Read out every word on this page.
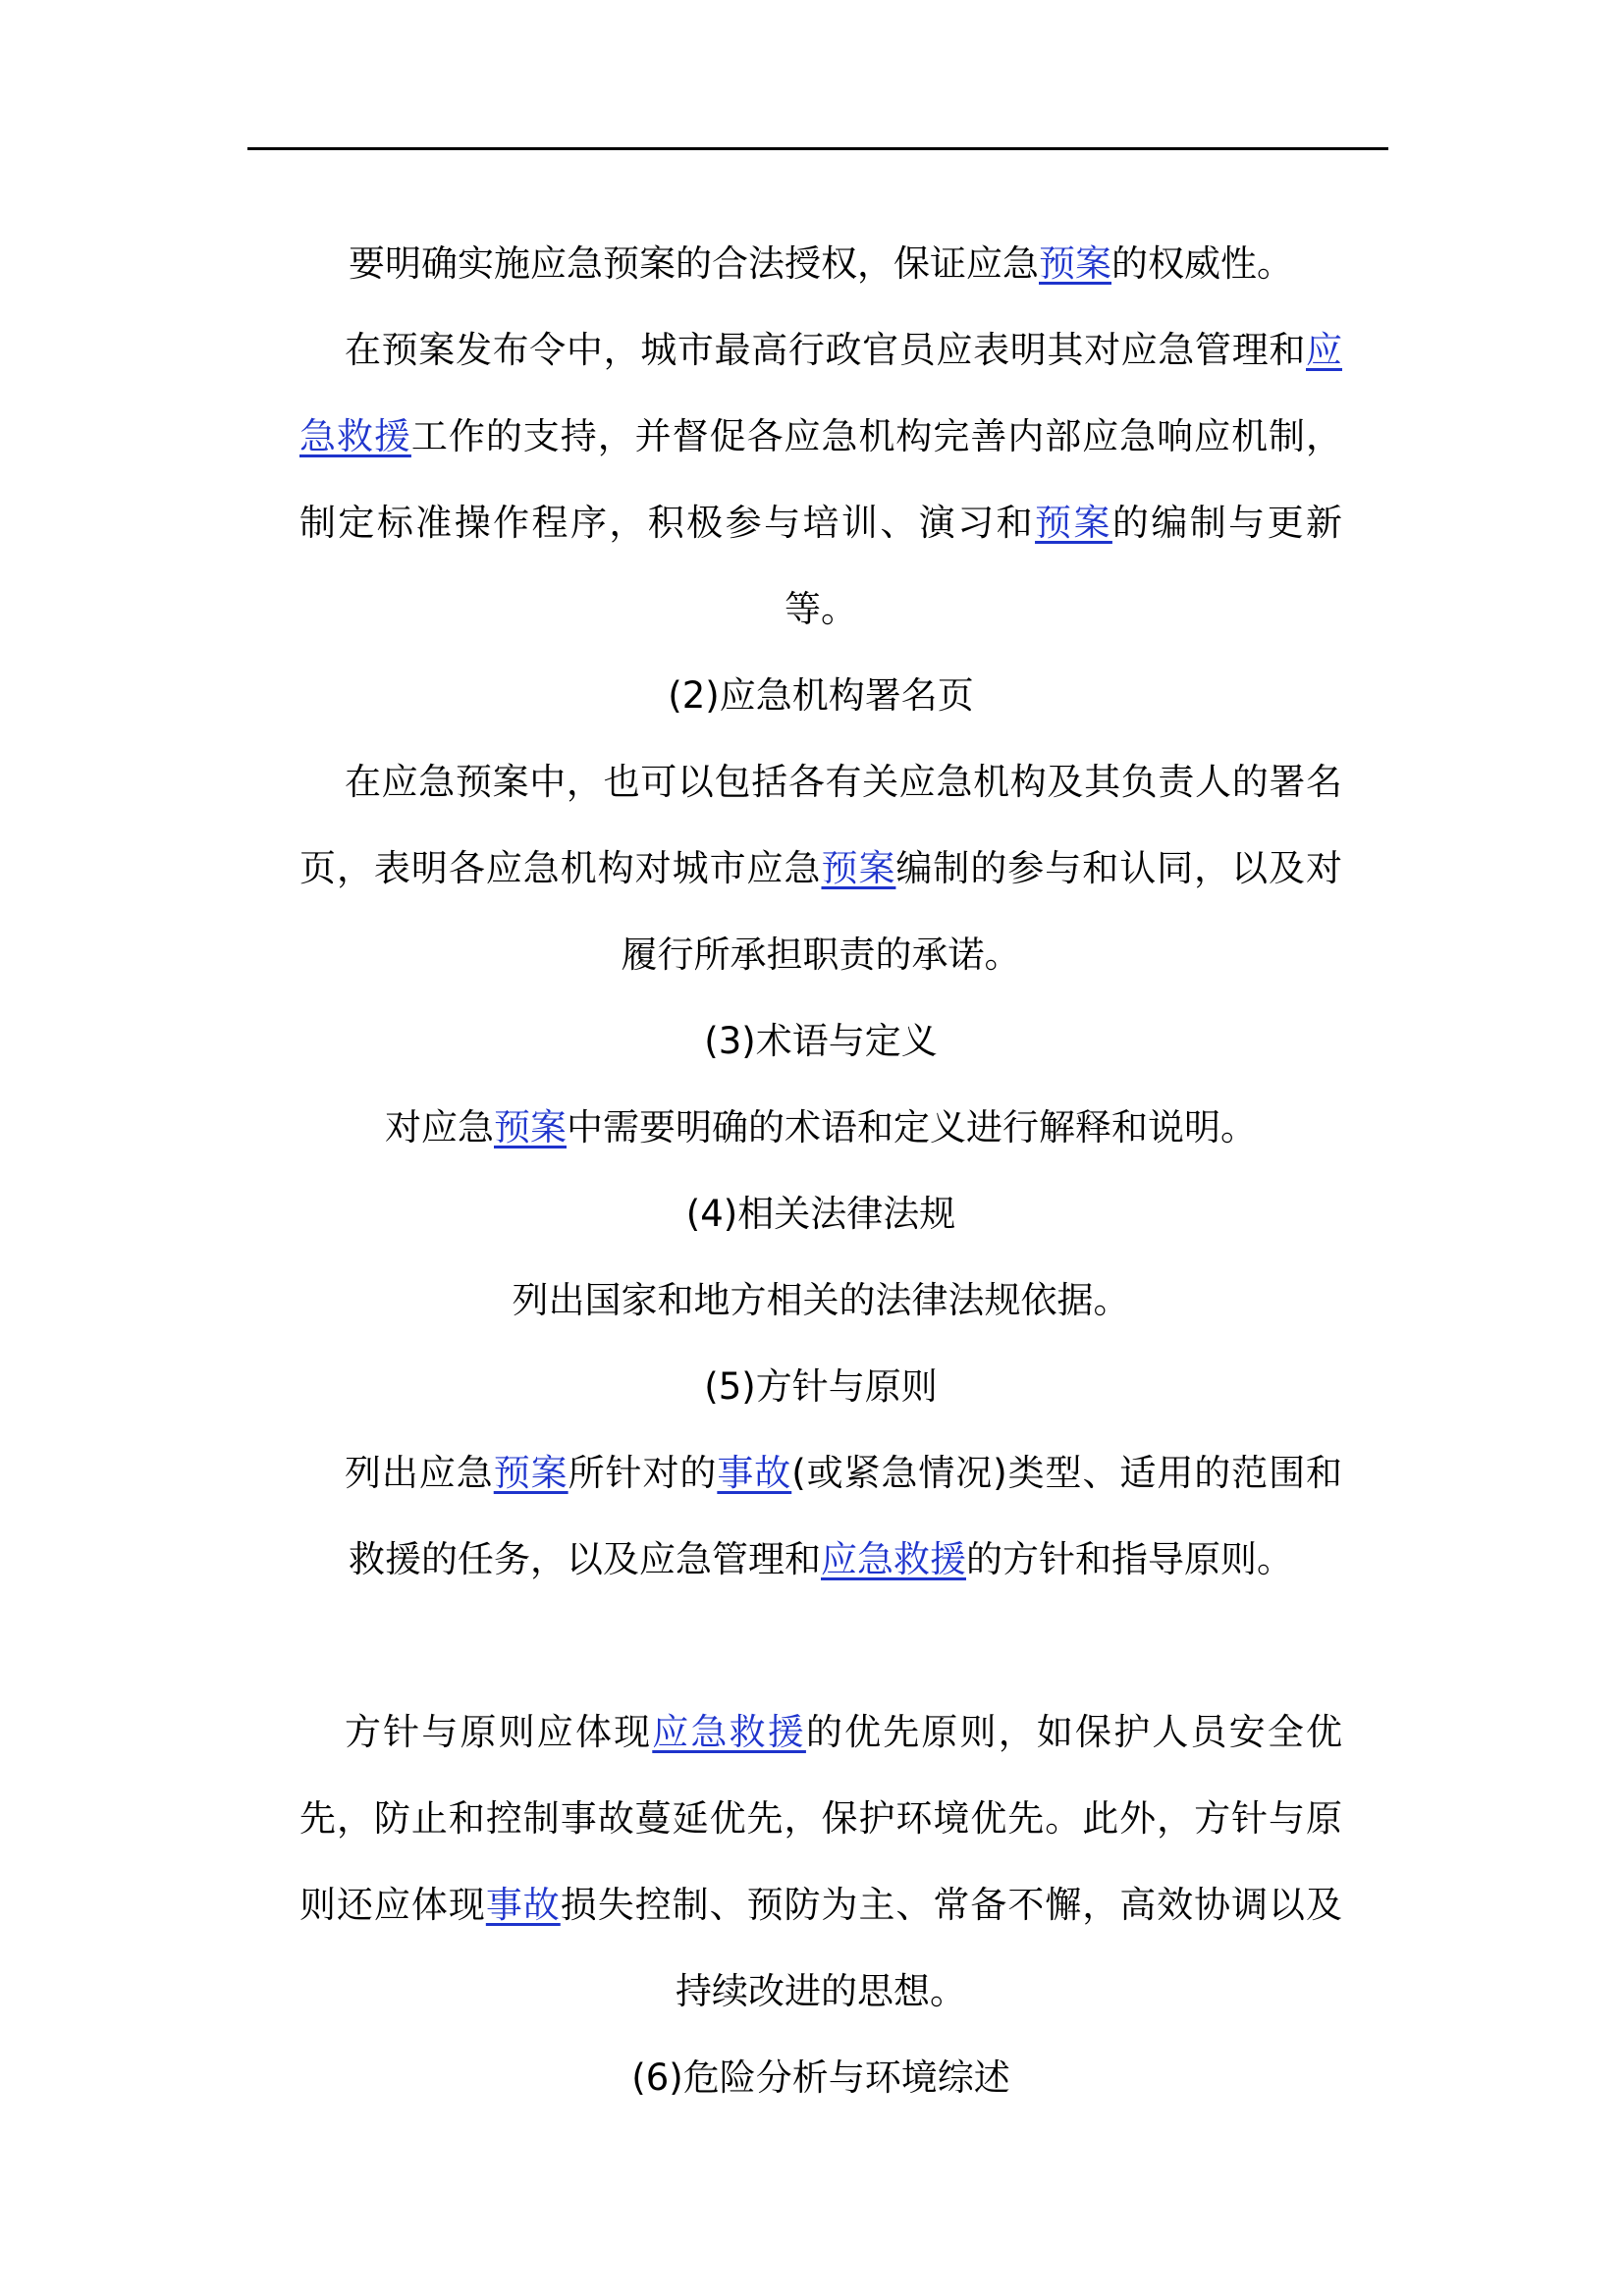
要明确实施应急预案的合法授权，保证应急预案的权威性。

在预案发布令中，城市最高行政官员应表明其对应急管理和应急救援工作的支持，并督促各应急机构完善内部应急响应机制，制定标准操作程序，积极参与培训、演习和预案的编制与更新等。

(2)应急机构署名页

在应急预案中，也可以包括各有关应急机构及其负责人的署名页，表明各应急机构对城市应急预案编制的参与和认同，以及对履行所承担职责的承诺。

(3)术语与定义

对应急预案中需要明确的术语和定义进行解释和说明。

(4)相关法律法规

列出国家和地方相关的法律法规依据。

(5)方针与原则

列出应急预案所针对的事故(或紧急情况)类型、适用的范围和救援的任务，以及应急管理和应急救援的方针和指导原则。

方针与原则应体现应急救援的优先原则，如保护人员安全优先，防止和控制事故蔓延优先，保护环境优先。此外，方针与原则还应体现事故损失控制、预防为主、常备不懈，高效协调以及持续改进的思想。

(6)危险分析与环境综述
